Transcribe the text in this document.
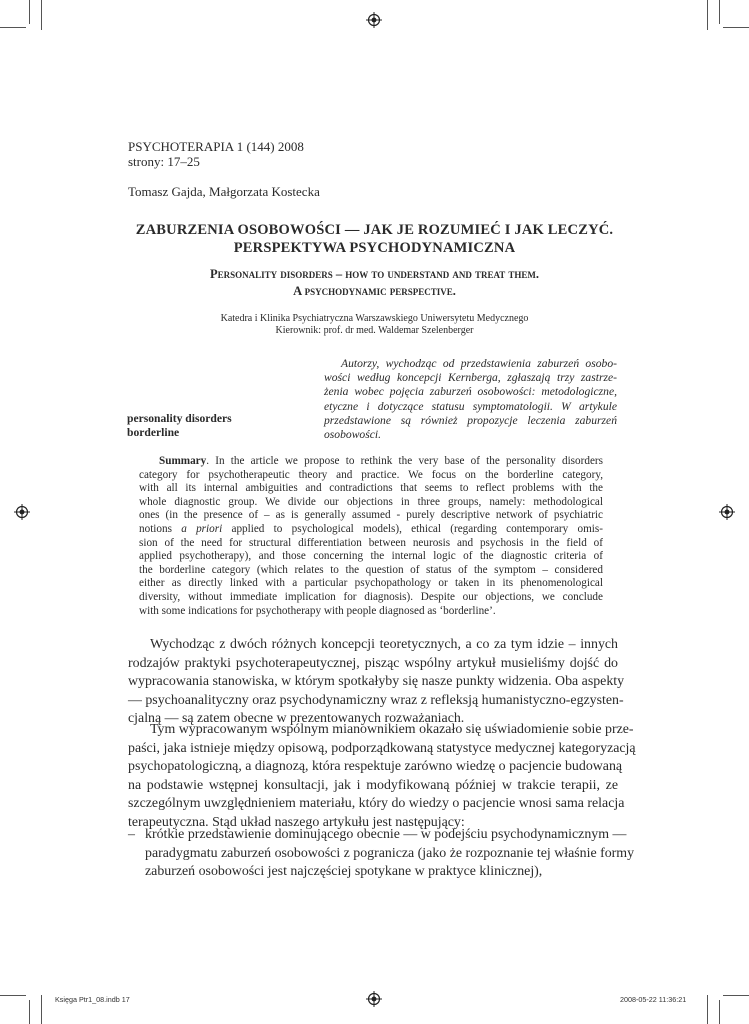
PSYCHOTERAPIA 1 (144) 2008
strony: 17–25
Tomasz Gajda, Małgorzata Kostecka
ZABURZENIA OSOBOWOŚCI — JAK JE ROZUMIEĆ I JAK LECZYĆ.
PERSPEKTYWA PSYCHODYNAMICZNA
Personality disorders – how to understand and treat them.
A psychodynamic perspective.
Katedra i Klinika Psychiatryczna Warszawskiego Uniwersytetu Medycznego
Kierownik: prof. dr med. Waldemar Szelenberger
Autorzy, wychodząc od przedstawienia zaburzeń osobo-
wości według koncepcji Kernberga, zgłaszają trzy zastrze-
żenia wobec pojęcia zaburzeń osobowości: metodologiczne,
etyczne i dotyczące statusu symptomatologii. W artykule
przedstawione są również propozycje leczenia zaburzeń
osobowości.
personality disorders
borderline
Summary. In the article we propose to rethink the very base of the personality disorders
category for psychotherapeutic theory and practice. We focus on the borderline category,
with all its internal ambiguities and contradictions that seems to reflect problems with the
whole diagnostic group. We divide our objections in three groups, namely: methodological
ones (in the presence of – as is generally assumed - purely descriptive network of psychiatric
notions a priori applied to psychological models), ethical (regarding contemporary omis-
sion of the need for structural differentiation between neurosis and psychosis in the field of
applied psychotherapy), and those concerning the internal logic of the diagnostic criteria of
the borderline category (which relates to the question of status of the symptom – considered
either as directly linked with a particular psychopathology or taken in its phenomenological
diversity, without immediate implication for diagnosis). Despite our objections, we conclude
with some indications for psychotherapy with people diagnosed as ‘borderline’.
Wychodząc z dwóch różnych koncepcji teoretycznych, a co za tym idzie – innych
rodzajów praktyki psychoterapeutycznej, pisząc wspólny artykuł musieliśmy dojść do
wypracowania stanowiska, w którym spotkałyby się nasze punkty widzenia. Oba aspekty
— psychoanalityczny oraz psychodynamiczny wraz z refleksją humanistyczno-egzysten-
cjalną — są zatem obecne w prezentowanych rozważaniach.
Tym wypracowanym wspólnym mianownikiem okazało się uświadomienie sobie prze-
paści, jaka istnieje między opisową, podporządkowaną statystyce medycznej kategoryzacją
psychopatologiczną, a diagnozą, która respektuje zarówno wiedzę o pacjencie budowaną
na podstawie wstępnej konsultacji, jak i modyfikowaną później w trakcie terapii, ze
szczególnym uwzględnieniem materiału, który do wiedzy o pacjencie wnosi sama relacja
terapeutyczna. Stąd układ naszego artykułu jest następujący:
– krótkie przedstawienie dominującego obecnie — w podejściu psychodynamicznym —
paradygmatu zaburzeń osobowości z pogranicza (jako że rozpoznanie tej właśnie formy
zaburzeń osobowości jest najczęściej spotykane w praktyce klinicznej),
Księga Ptr1_08.indb 17	2008-05-22 11:36:21
